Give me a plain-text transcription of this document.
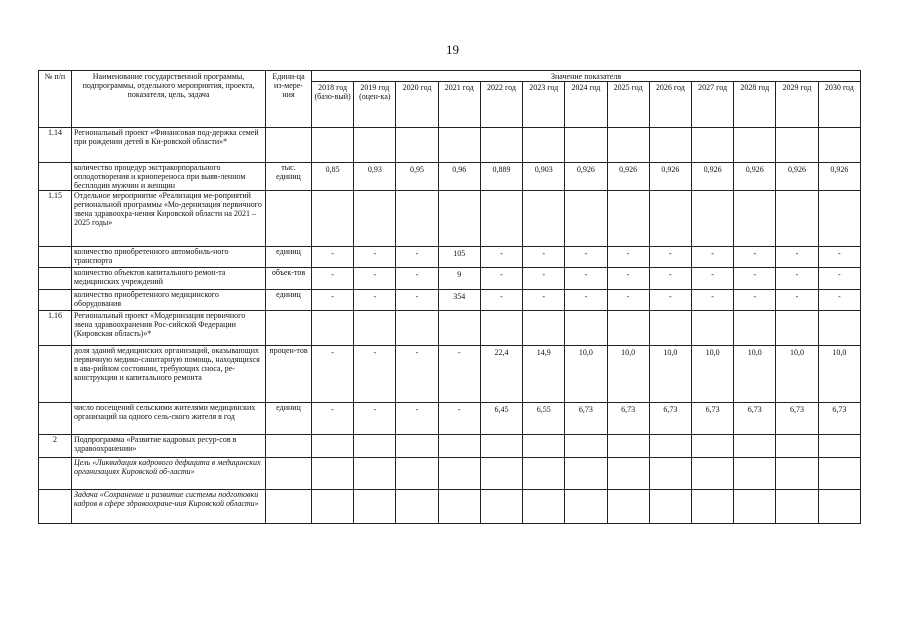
19
№ п/п	Наименование государственной программы, подпрограммы, отдельного мероприятия, проекта, показателя, цель, задача	Едини-ца из-мере-ния	Значение показателя												
			2018 год (базо-вый)	2019 год (оцен-ка)	2020 год	2021 год	2022 год	2023 год	2024 год	2025 год	2026 год	2027 год	2028 год	2029 год	2030 год
1.14	Региональный проект «Финансовая под-держка семей при рождении детей в Ки-ровской области»*														
	количество процедур экстракорпорального оплодотворения и криопереноса при выяв-ленном бесплодии мужчин и женщин	тыс. единиц	0,85	0,93	0,95	0,96	0,889	0,903	0,926	0,926	0,926	0,926	0,926	0,926	0,926
1.15	Отдельное мероприятие «Реализация ме-роприятий региональной программы «Мо-дернизация первичного звена здравоохра-нения Кировской области на 2021 – 2025 годы»														
	количество приобретенного автомобиль-ного транспорта	единиц	-	-	-	105	-	-	-	-	-	-	-	-	-
	количество объектов капитального ремон-та медицинских учреждений	объек-тов	-	-	-	9	-	-	-	-	-	-	-	-	-
	количество приобретенного медицинского оборудования	единиц	-	-	-	354	-	-	-	-	-	-	-	-	-
1.16	Региональный проект «Модернизация первичного звена здравоохранения Рос-сийской Федерации (Кировская область)»*														
	доля зданий медицинских организаций, оказывающих первичную медико-санитарную помощь, находящихся в ава-рийном состоянии, требующих сноса, ре-конструкции и капитального ремонта	процен-тов	-	-	-	-	22,4	14,9	10,0	10,0	10,0	10,0	10,0	10,0	10,0
	число посещений сельскими жителями медицинских организаций на одного сель-ского жителя в год	единиц	-	-	-	-	6,45	6,55	6,73	6,73	6,73	6,73	6,73	6,73	6,73
2	Подпрограмма «Развитие кадровых ресур-сов в здравоохранении»														
	Цель «Ликвидация кадрового дефицита в медицинских организациях Кировской об-ласти»														
	Задача «Сохранение и развитие системы подготовки кадров в сфере здравоохране-ния Кировской области»														
